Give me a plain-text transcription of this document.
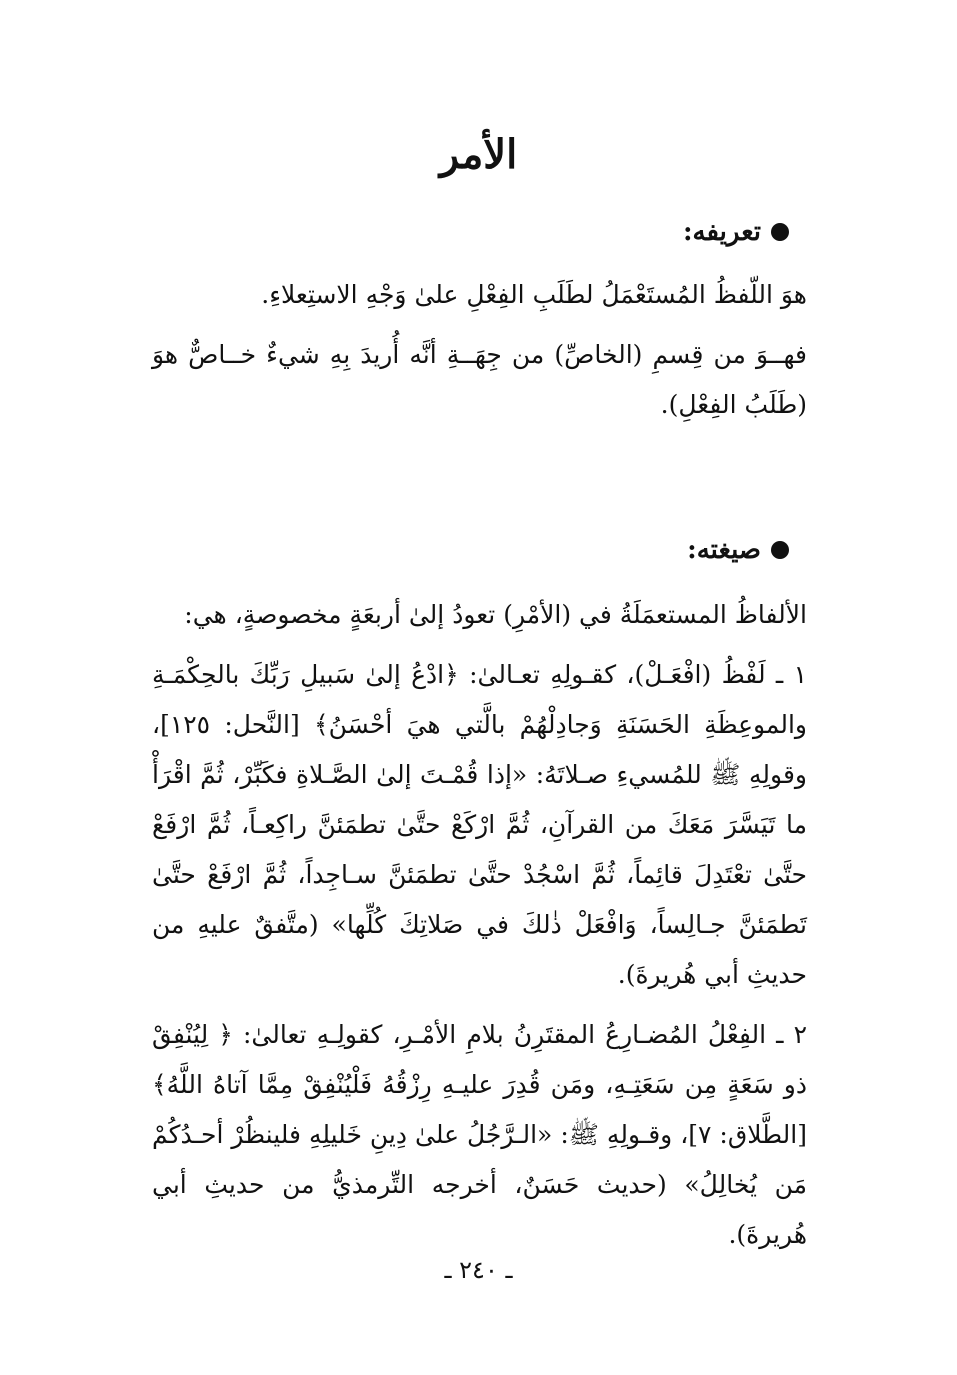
الأمر
تعريفه:

هوَ اللّفظُ المُستَعْمَلُ لطَلَبِ الفِعْلِ علىٰ وَجْهِ الاستِعلاءِ.

فهــوَ من قِسمِ (الخاصِّ) من جِهَــةِ أنَّه أُريدَ بِهِ شيءٌ خــاصٌّ هوَ (طَلَبُ الفِعْلِ).

صيغته:

الألفاظُ المستعمَلَةُ في (الأمْرِ) تعودُ إلىٰ أربعَةٍ مخصوصةٍ، هي:

١ ـ لَفْظُ (افْعَـلْ)، كقـولِهِ تعـالىٰ: ﴿ادْعُ إلىٰ سَبيلِ رَبِّكَ بالحِكْمَـةِ والموعِظَةِ الحَسَنَةِ وَجادِلْهُمْ بالَّتي هيَ أحْسَنُ﴾ [النَّحل: ١٢٥]، وقولِهِ ﷺ للمُسيءِ صـلاتَهُ: «إذا قُمْـتَ إلىٰ الصَّـلاةِ فكَبِّرْ، ثُمَّ اقْرَأْ ما تَيَسَّرَ مَعَكَ من القرآنِ، ثُمَّ ارْكَعْ حتَّىٰ تطمَئنَّ راكِعـاً، ثُمَّ ارْفَعْ حتَّىٰ تعْتَدِلَ قائِماً، ثُمَّ اسْجُدْ حتَّىٰ تطمَئنَّ سـاجِداً، ثُمَّ ارْفَعْ حتَّىٰ تَطمَئنَّ جـالِساً، وَافْعَلْ ذٰلكَ في صَلاتِكَ كُلِّها» (متَّفقٌ عليهِ من حديثِ أبي هُريرةَ).

٢ ـ الفِعْلُ المُضـارِعُ المقتَرِنُ بلامِ الأمْـرِ، كقولِـهِ تعالىٰ: ﴿ لِيُنْفِقْ ذو سَعَةٍ مِن سَعَتِـهِ، ومَن قُدِرَ عليـهِ رِزْقُهُ فَلْيُنْفِقْ مِمَّا آتاهُ اللَّهُ﴾ [الطَّلاق: ٧]، وقـولِهِ ﷺ: «الـرَّجُلُ علىٰ دِينِ خَليلِهِ فلينظُرْ أحـدُكُمْ مَن يُخالِلُ» (حديث حَسَنٌ، أخرجه التِّرمذيُّ من حديثِ أبي هُريرةَ).

ـ ٢٤٠ ـ
